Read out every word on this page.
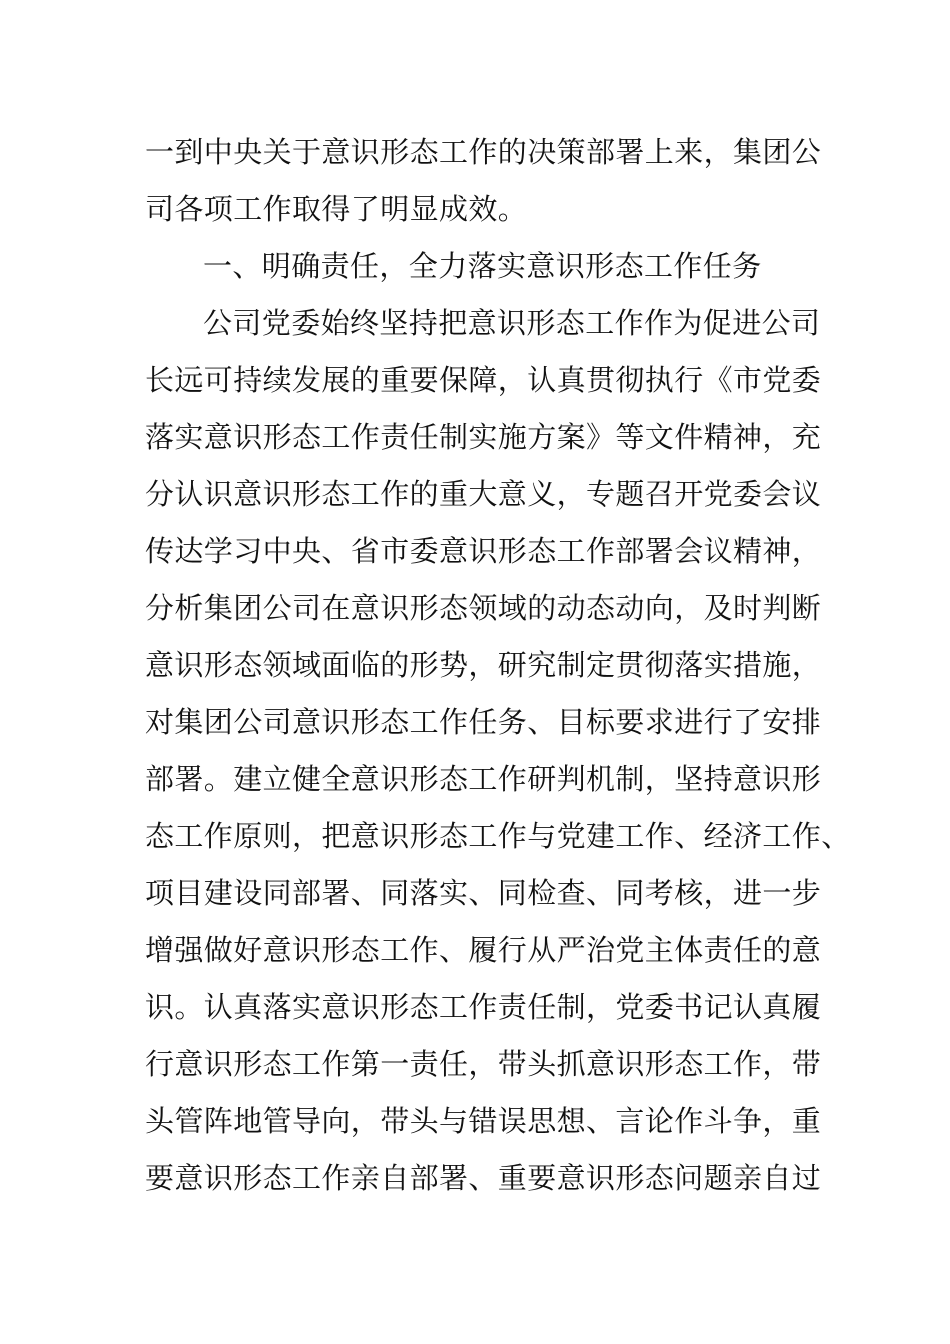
一到中央关于意识形态工作的决策部署上来，集团公
司各项工作取得了明显成效。
一、明确责任，全力落实意识形态工作任务
公司党委始终坚持把意识形态工作作为促进公司
长远可持续发展的重要保障，认真贯彻执行《市党委
落实意识形态工作责任制实施方案》等文件精神，充
分认识意识形态工作的重大意义，专题召开党委会议
传达学习中央、省市委意识形态工作部署会议精神，
分析集团公司在意识形态领域的动态动向，及时判断
意识形态领域面临的形势，研究制定贯彻落实措施，
对集团公司意识形态工作任务、目标要求进行了安排
部署。建立健全意识形态工作研判机制，坚持意识形
态工作原则，把意识形态工作与党建工作、经济工作、
项目建设同部署、同落实、同检查、同考核，进一步
增强做好意识形态工作、履行从严治党主体责任的意
识。认真落实意识形态工作责任制，党委书记认真履
行意识形态工作第一责任，带头抓意识形态工作，带
头管阵地管导向，带头与错误思想、言论作斗争，重
要意识形态工作亲自部署、重要意识形态问题亲自过
